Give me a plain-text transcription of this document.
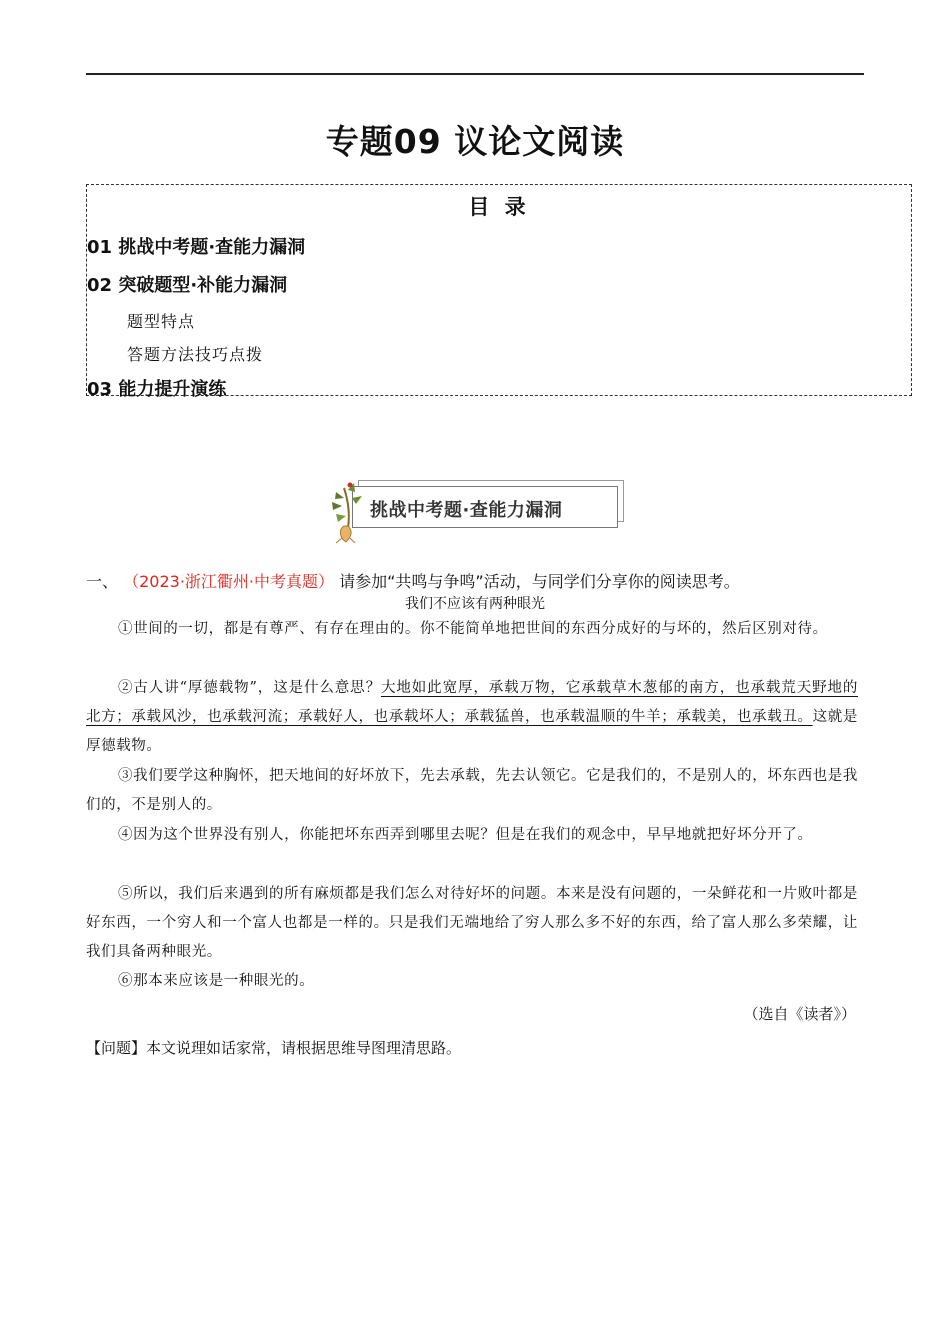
专题09 议论文阅读
目 录
01 挑战中考题·查能力漏洞
02 突破题型·补能力漏洞
题型特点
答题方法技巧点拨
03 能力提升演练
挑战中考题·查能力漏洞
一、 （2023·浙江衢州·中考真题） 请参加“共鸣与争鸣”活动，与同学们分享你的阅读思考。
我们不应该有两种眼光
①世间的一切，都是有尊严、有存在理由的。你不能简单地把世间的东西分成好的与坏的，然后区别对待。
②古人讲“厚德载物”，这是什么意思？大地如此宽厚，承载万物，它承载草木葱郁的南方，也承载荒天野地的北方；承载风沙，也承载河流；承载好人，也承载坏人；承载猛兽，也承载温顺的牛羊；承载美，也承载丑。这就是厚德载物。
③我们要学这种胸怀，把天地间的好坏放下，先去承载，先去认领它。它是我们的，不是别人的，坏东西也是我们的，不是别人的。
④因为这个世界没有别人，你能把坏东西弄到哪里去呢？但是在我们的观念中，早早地就把好坏分开了。
⑤所以，我们后来遇到的所有麻烦都是我们怎么对待好坏的问题。本来是没有问题的，一朵鲜花和一片败叶都是好东西，一个穷人和一个富人也都是一样的。只是我们无端地给了穷人那么多不好的东西，给了富人那么多荣耀，让我们具备两种眼光。
⑥那本来应该是一种眼光的。
（选自《读者》）
【问题】本文说理如话家常，请根据思维导图理清思路。
